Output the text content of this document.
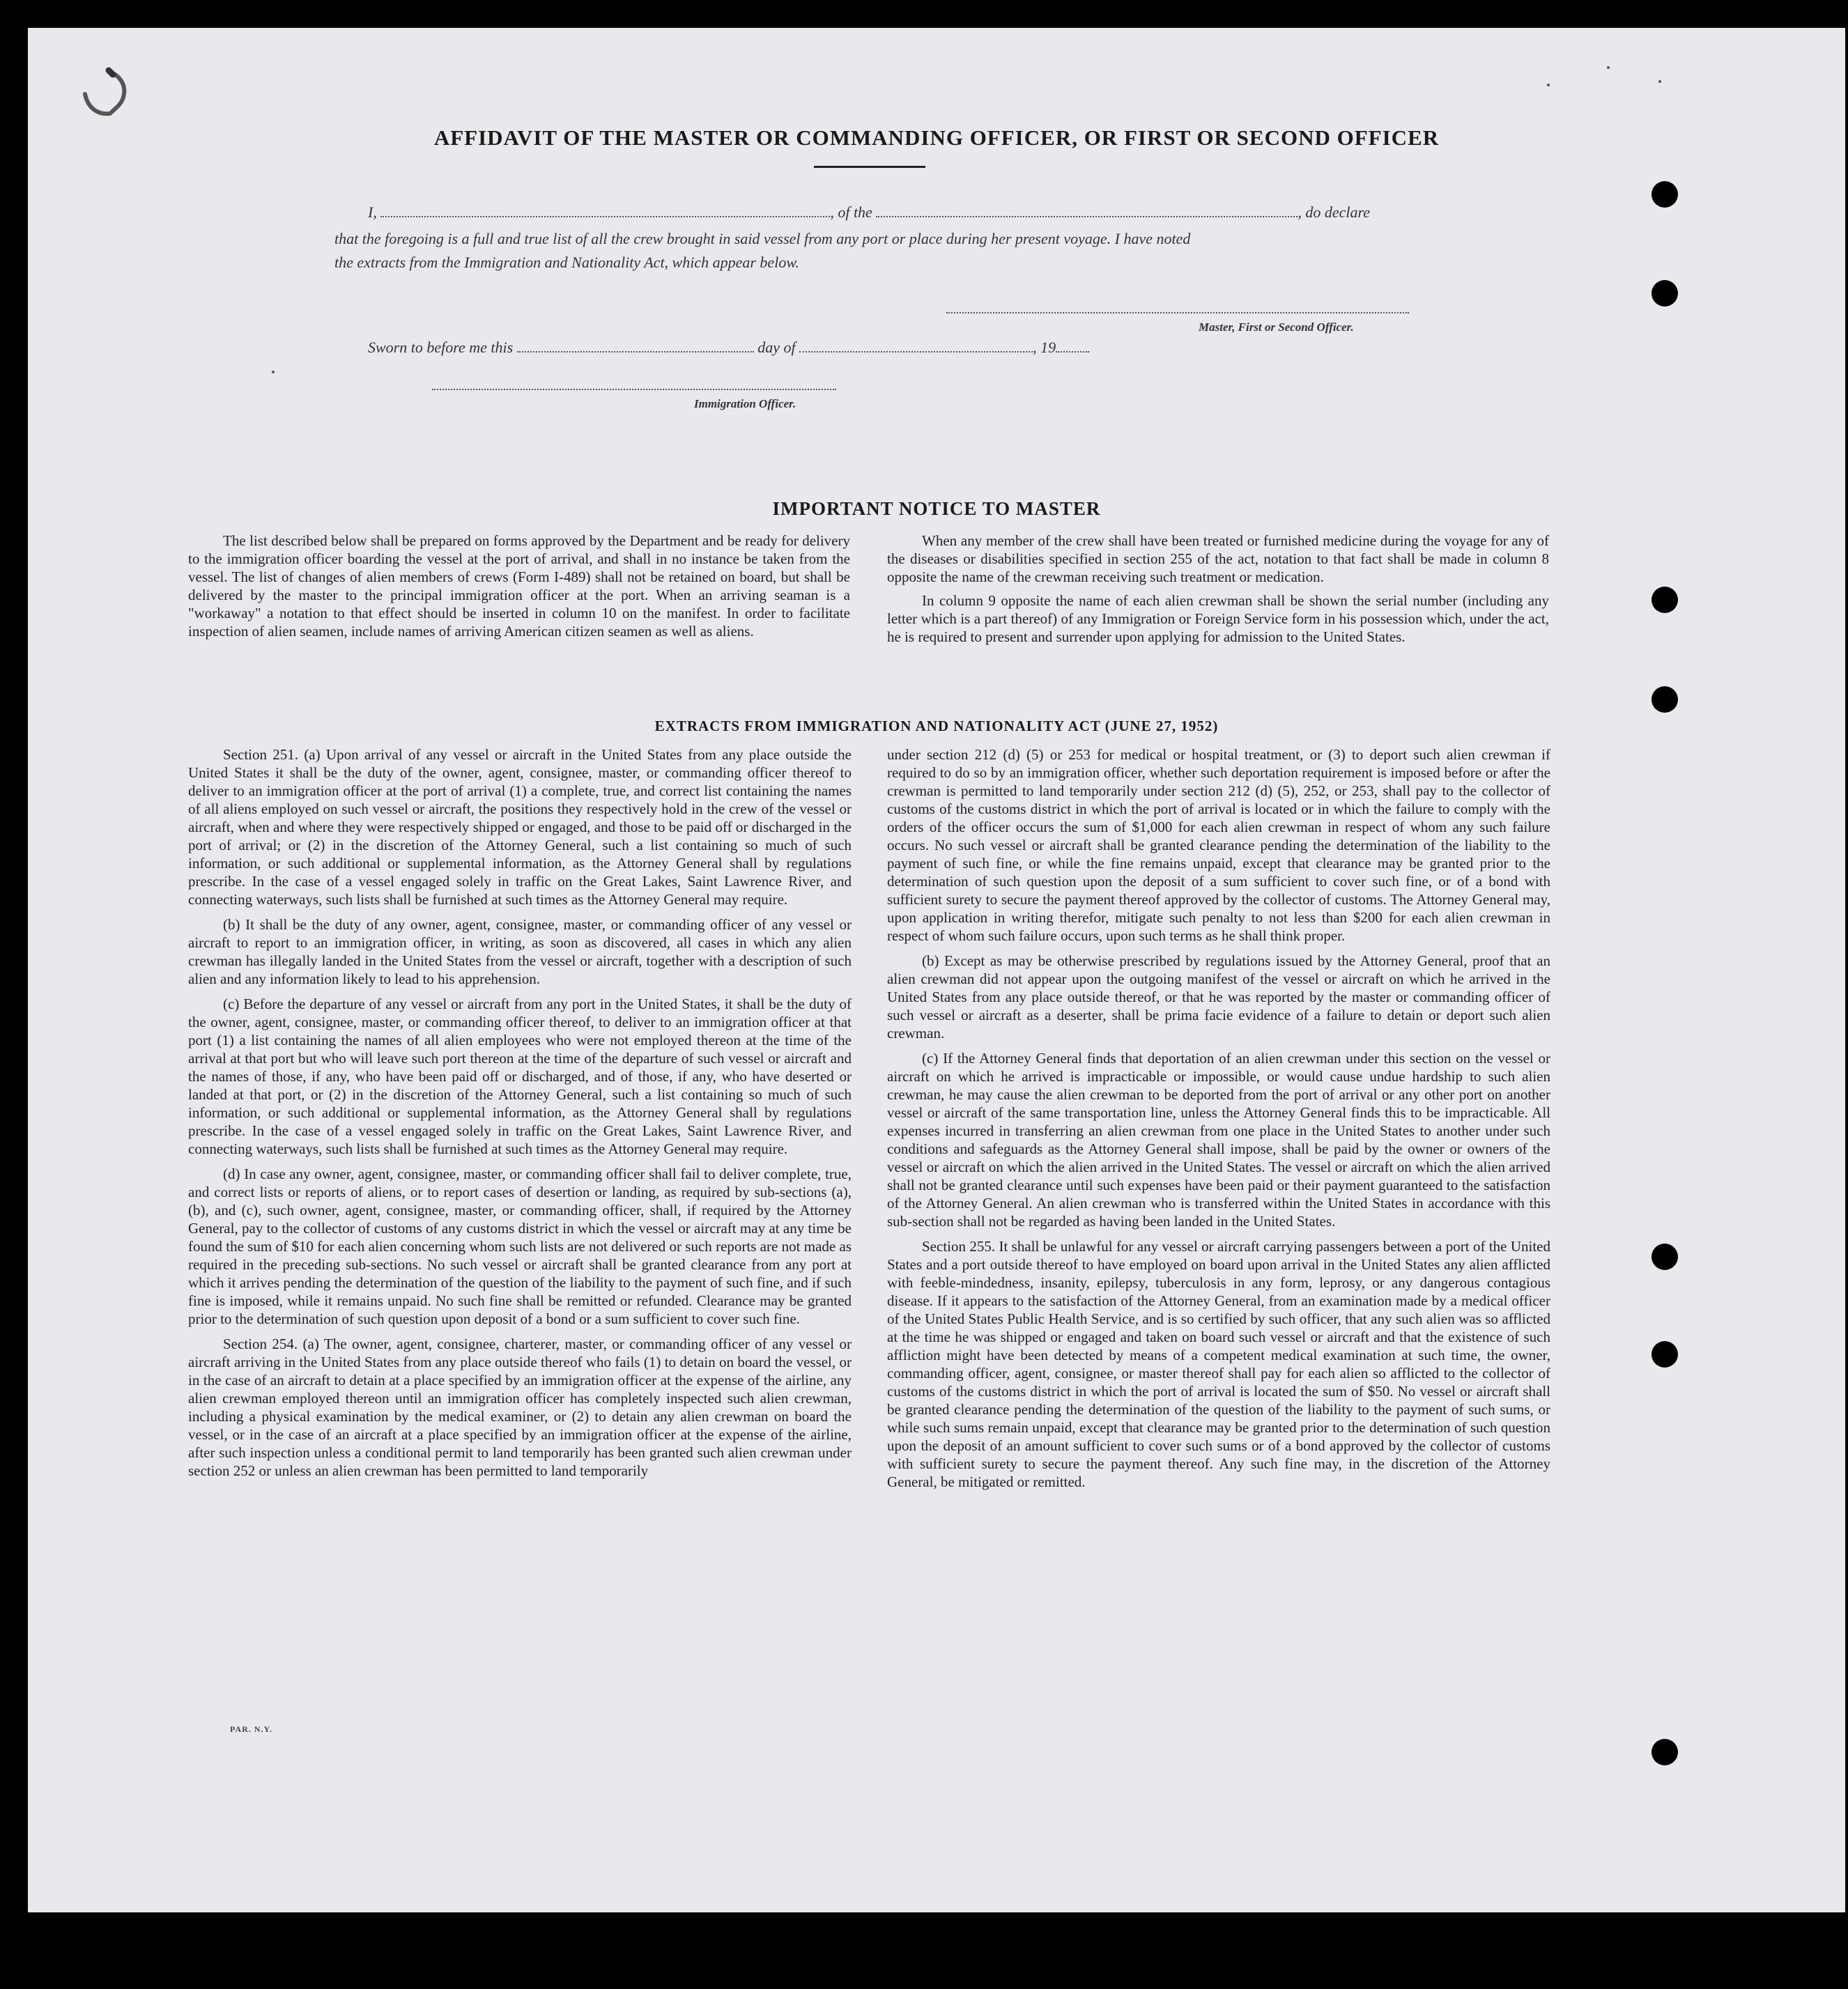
AFFIDAVIT OF THE MASTER OR COMMANDING OFFICER, OR FIRST OR SECOND OFFICER
I,	, of the	, do declare
that the foregoing is a full and true list of all the crew brought in said vessel from any port or place during her present voyage. I have noted
the extracts from the Immigration and Nationality Act, which appear below.
Master, First or Second Officer.
Sworn to before me this	day of	, 19
Immigration Officer.
IMPORTANT NOTICE TO MASTER

The list described below shall be prepared on forms approved by the Department and be ready for delivery to the immigration officer boarding the vessel at the port of arrival, and shall in no instance be taken from the vessel. The list of changes of alien members of crews (Form I-489) shall not be retained on board, but shall be delivered by the master to the principal immigration officer at the port. When an arriving seaman is a "workaway" a notation to that effect should be inserted in column 10 on the manifest. In order to facilitate inspection of alien seamen, include names of arriving American citizen seamen as well as aliens.

When any member of the crew shall have been treated or furnished medicine during the voyage for any of the diseases or disabilities specified in section 255 of the act, notation to that fact shall be made in column 8 opposite the name of the crewman receiving such treatment or medication.

In column 9 opposite the name of each alien crewman shall be shown the serial number (including any letter which is a part thereof) of any Immigration or Foreign Service form in his possession which, under the act, he is required to present and surrender upon applying for admission to the United States.

EXTRACTS FROM IMMIGRATION AND NATIONALITY ACT (JUNE 27, 1952)

Section 251. (a) Upon arrival of any vessel or aircraft in the United States from any place outside the United States it shall be the duty of the owner, agent, consignee, master, or commanding officer thereof to deliver to an immigration officer at the port of arrival (1) a complete, true, and correct list containing the names of all aliens employed on such vessel or aircraft, the positions they respectively hold in the crew of the vessel or aircraft, when and where they were respectively shipped or engaged, and those to be paid off or discharged in the port of arrival; or (2) in the discretion of the Attorney General, such a list containing so much of such information, or such additional or supplemental information, as the Attorney General shall by regulations prescribe. In the case of a vessel engaged solely in traffic on the Great Lakes, Saint Lawrence River, and connecting waterways, such lists shall be furnished at such times as the Attorney General may require.

(b) It shall be the duty of any owner, agent, consignee, master, or commanding officer of any vessel or aircraft to report to an immigration officer, in writing, as soon as discovered, all cases in which any alien crewman has illegally landed in the United States from the vessel or aircraft, together with a description of such alien and any information likely to lead to his apprehension.

(c) Before the departure of any vessel or aircraft from any port in the United States, it shall be the duty of the owner, agent, consignee, master, or commanding officer thereof, to deliver to an immigration officer at that port (1) a list containing the names of all alien employees who were not employed thereon at the time of the arrival at that port but who will leave such port thereon at the time of the departure of such vessel or aircraft and the names of those, if any, who have been paid off or discharged, and of those, if any, who have deserted or landed at that port, or (2) in the discretion of the Attorney General, such a list containing so much of such information, or such additional or supplemental information, as the Attorney General shall by regulations prescribe. In the case of a vessel engaged solely in traffic on the Great Lakes, Saint Lawrence River, and connecting waterways, such lists shall be furnished at such times as the Attorney General may require.

(d) In case any owner, agent, consignee, master, or commanding officer shall fail to deliver complete, true, and correct lists or reports of aliens, or to report cases of desertion or landing, as required by sub-sections (a), (b), and (c), such owner, agent, consignee, master, or commanding officer, shall, if required by the Attorney General, pay to the collector of customs of any customs district in which the vessel or aircraft may at any time be found the sum of $10 for each alien concerning whom such lists are not delivered or such reports are not made as required in the preceding sub-sections. No such vessel or aircraft shall be granted clearance from any port at which it arrives pending the determination of the question of the liability to the payment of such fine, and if such fine is imposed, while it remains unpaid. No such fine shall be remitted or refunded. Clearance may be granted prior to the determination of such question upon deposit of a bond or a sum sufficient to cover such fine.

Section 254. (a) The owner, agent, consignee, charterer, master, or commanding officer of any vessel or aircraft arriving in the United States from any place outside thereof who fails (1) to detain on board the vessel, or in the case of an aircraft to detain at a place specified by an immigration officer at the expense of the airline, any alien crewman employed thereon until an immigration officer has completely inspected such alien crewman, including a physical examination by the medical examiner, or (2) to detain any alien crewman on board the vessel, or in the case of an aircraft at a place specified by an immigration officer at the expense of the airline, after such inspection unless a conditional permit to land temporarily has been granted such alien crewman under section 252 or unless an alien crewman has been permitted to land temporarily

under section 212 (d) (5) or 253 for medical or hospital treatment, or (3) to deport such alien crewman if required to do so by an immigration officer, whether such deportation requirement is imposed before or after the crewman is permitted to land temporarily under section 212 (d) (5), 252, or 253, shall pay to the collector of customs of the customs district in which the port of arrival is located or in which the failure to comply with the orders of the officer occurs the sum of $1,000 for each alien crewman in respect of whom any such failure occurs. No such vessel or aircraft shall be granted clearance pending the determination of the liability to the payment of such fine, or while the fine remains unpaid, except that clearance may be granted prior to the determination of such question upon the deposit of a sum sufficient to cover such fine, or of a bond with sufficient surety to secure the payment thereof approved by the collector of customs. The Attorney General may, upon application in writing therefor, mitigate such penalty to not less than $200 for each alien crewman in respect of whom such failure occurs, upon such terms as he shall think proper.

(b) Except as may be otherwise prescribed by regulations issued by the Attorney General, proof that an alien crewman did not appear upon the outgoing manifest of the vessel or aircraft on which he arrived in the United States from any place outside thereof, or that he was reported by the master or commanding officer of such vessel or aircraft as a deserter, shall be prima facie evidence of a failure to detain or deport such alien crewman.

(c) If the Attorney General finds that deportation of an alien crewman under this section on the vessel or aircraft on which he arrived is impracticable or impossible, or would cause undue hardship to such alien crewman, he may cause the alien crewman to be deported from the port of arrival or any other port on another vessel or aircraft of the same transportation line, unless the Attorney General finds this to be impracticable. All expenses incurred in transferring an alien crewman from one place in the United States to another under such conditions and safeguards as the Attorney General shall impose, shall be paid by the owner or owners of the vessel or aircraft on which the alien arrived in the United States. The vessel or aircraft on which the alien arrived shall not be granted clearance until such expenses have been paid or their payment guaranteed to the satisfaction of the Attorney General. An alien crewman who is transferred within the United States in accordance with this sub-section shall not be regarded as having been landed in the United States.

Section 255. It shall be unlawful for any vessel or aircraft carrying passengers between a port of the United States and a port outside thereof to have employed on board upon arrival in the United States any alien afflicted with feeble-mindedness, insanity, epilepsy, tuberculosis in any form, leprosy, or any dangerous contagious disease. If it appears to the satisfaction of the Attorney General, from an examination made by a medical officer of the United States Public Health Service, and is so certified by such officer, that any such alien was so afflicted at the time he was shipped or engaged and taken on board such vessel or aircraft and that the existence of such affliction might have been detected by means of a competent medical examination at such time, the owner, commanding officer, agent, consignee, or master thereof shall pay for each alien so afflicted to the collector of customs of the customs district in which the port of arrival is located the sum of $50. No vessel or aircraft shall be granted clearance pending the determination of the question of the liability to the payment of such sums, or while such sums remain unpaid, except that clearance may be granted prior to the determination of such question upon the deposit of an amount sufficient to cover such sums or of a bond approved by the collector of customs with sufficient surety to secure the payment thereof. Any such fine may, in the discretion of the Attorney General, be mitigated or remitted.

PAR. N.Y.
